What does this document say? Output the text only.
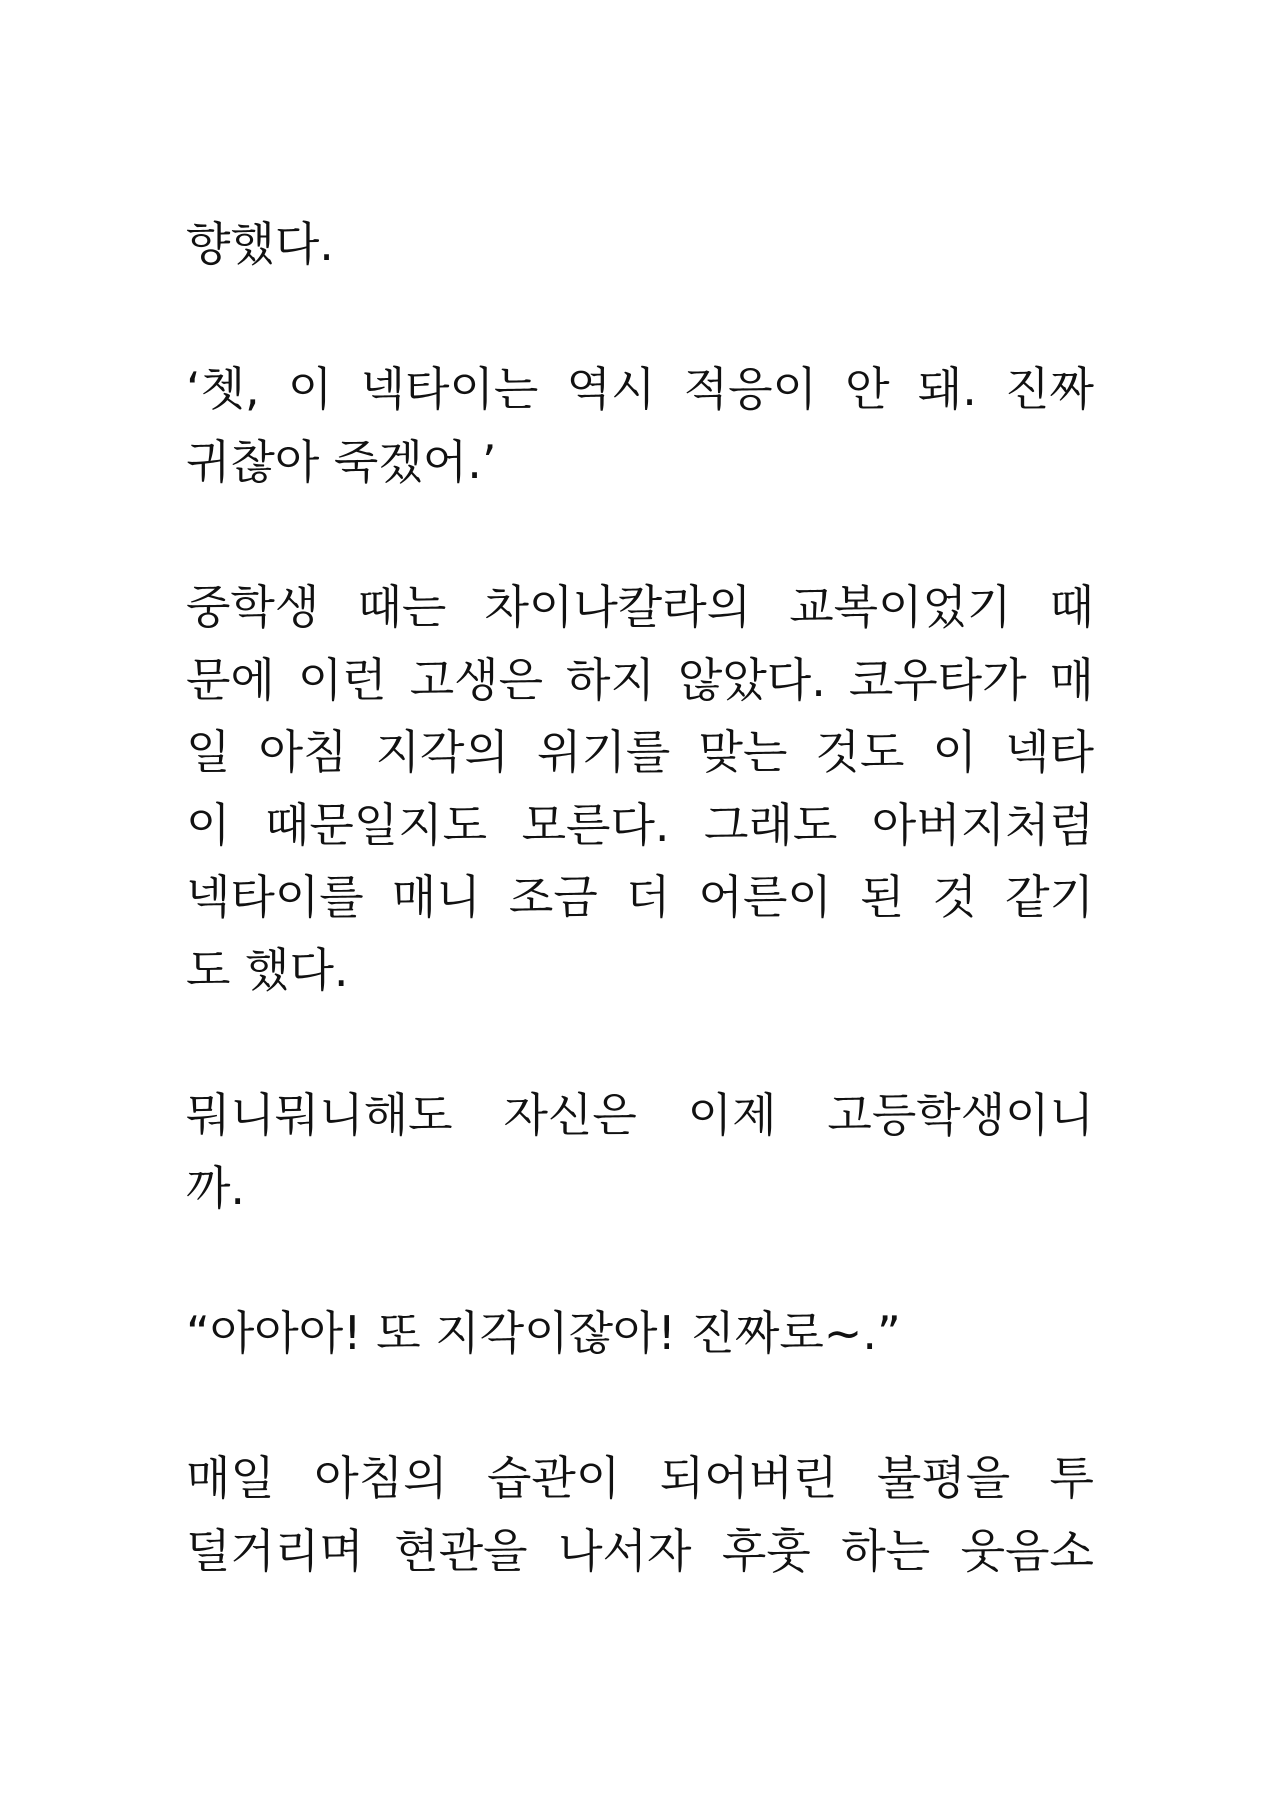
향했다.
‘쳇, 이 넥타이는 역시 적응이 안 돼. 진짜
귀찮아 죽겠어.’
중학생 때는 차이나칼라의 교복이었기 때
문에 이런 고생은 하지 않았다. 코우타가 매
일 아침 지각의 위기를 맞는 것도 이 넥타
이 때문일지도 모른다. 그래도 아버지처럼
넥타이를 매니 조금 더 어른이 된 것 같기
도 했다.
뭐니뭐니해도 자신은 이제 고등학생이니
까.
“아아아! 또 지각이잖아! 진짜로~.”
매일 아침의 습관이 되어버린 불평을 투
덜거리며 현관을 나서자 후훗 하는 웃음소
